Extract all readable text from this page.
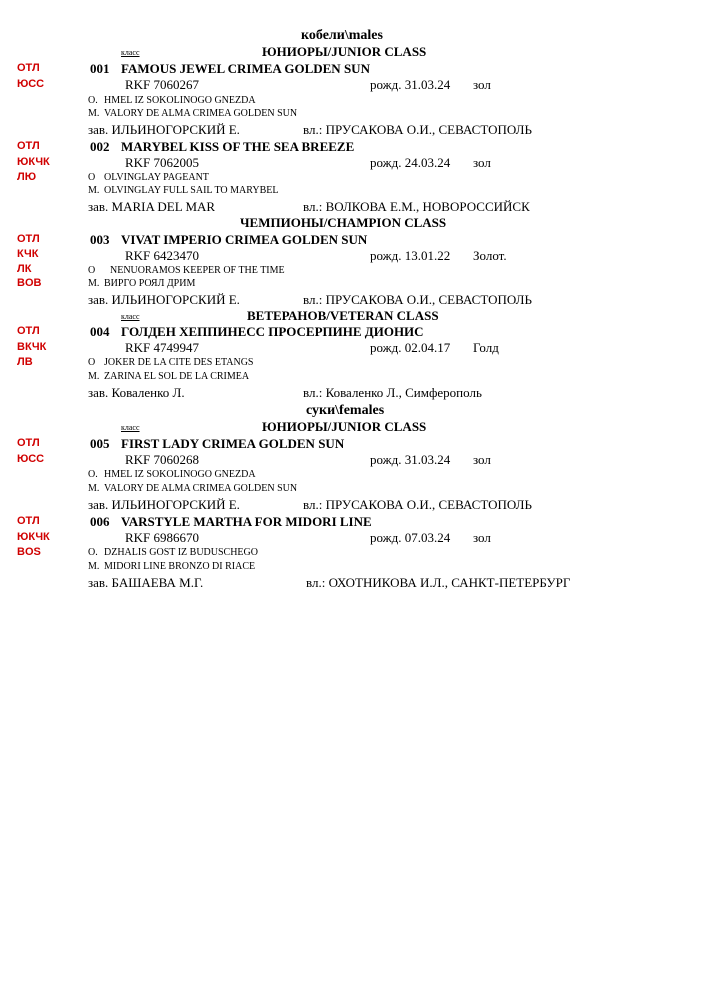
кобели\males
класс	ЮНИОРЫ/JUNIOR CLASS
ОТЛ
ЮСС
001 FAMOUS JEWEL CRIMEA GOLDEN SUN
RKF 7060267	рожд. 31.03.24 зол
О. HMEL IZ SOKOLINOGO GNEZDA
М. VALORY DE ALMA CRIMEA GOLDEN SUN
зав. ИЛЬИНОГОРСКИЙ Е.	вл.: ПРУСАКОВА О.И., СЕВАСТОПОЛЬ
ОТЛ
ЮКЧК
ЛЮ
002 MARYBEL KISS OF THE SEA BREEZE
RKF 7062005	рожд. 24.03.24 зол
О OLVINGLAY PAGEANT
М. OLVINGLAY FULL SAIL TO MARYBEL
зав. MARIA DEL MAR	вл.: ВОЛКОВА Е.М., НОВОРОССИЙСК
ЧЕМПИОНЫ/CHAMPION CLASS
ОТЛ
КЧК
ЛК
BOB
003 VIVAT IMPERIO CRIMEA GOLDEN SUN
RKF 6423470	рожд. 13.01.22 Золот.
О NENUORAMOS KEEPER OF THE TIME
М. ВИРГО РОЯЛ ДРИМ
зав. ИЛЬИНОГОРСКИЙ Е.	вл.: ПРУСАКОВА О.И., СЕВАСТОПОЛЬ
класс	ВЕТЕРАНОВ/VETERAN CLASS
ОТЛ
ВКЧК
ЛВ
004 ГОЛДЕН ХЕППИНЕСС ПРОСЕРПИНЕ ДИОНИС
RKF 4749947	рожд. 02.04.17 Голд
О JOKER DE LA CITE DES ETANGS
М. ZARINA EL SOL DE LA CRIMEA
зав. Коваленко Л.	вл.: Коваленко Л., Симферополь
суки\females
класс	ЮНИОРЫ/JUNIOR CLASS
ОТЛ
ЮСС
005 FIRST LADY CRIMEA GOLDEN SUN
RKF 7060268	рожд. 31.03.24 зол
О. HMEL IZ SOKOLINOGO GNEZDA
М. VALORY DE ALMA CRIMEA GOLDEN SUN
зав. ИЛЬИНОГОРСКИЙ Е.	вл.: ПРУСАКОВА О.И., СЕВАСТОПОЛЬ
ОТЛ
ЮКЧК
BOS
006 VARSTYLE MARTHA FOR MIDORI LINE
RKF 6986670	рожд. 07.03.24 зол
О. DZHALIS GOST IZ BUDUSCHEGO
М. MIDORI LINE BRONZO DI RIACE
зав. БАШАЕВА М.Г.	вл.: ОХОТНИКОВА И.Л., САНКТ-ПЕТЕРБУРГ
